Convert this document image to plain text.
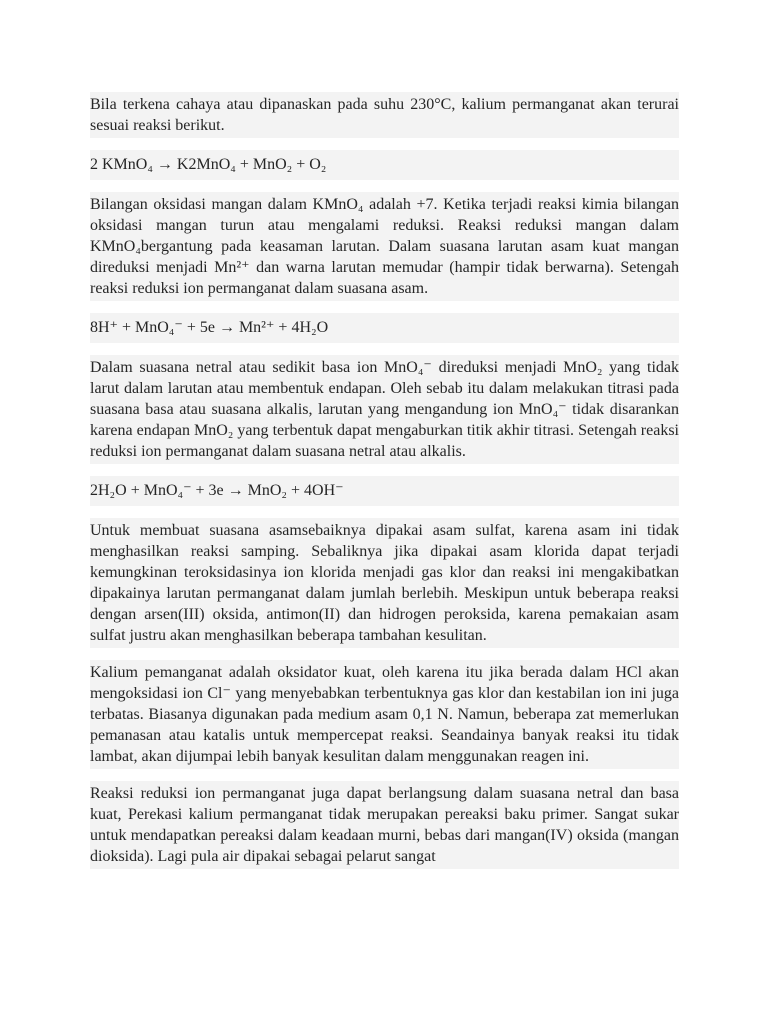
Bila terkena cahaya atau dipanaskan pada suhu 230°C, kalium permanganat akan terurai sesuai reaksi berikut.

2 KMnO₄ → K2MnO₄ + MnO₂ + O₂

Bilangan oksidasi mangan dalam KMnO₄ adalah +7. Ketika terjadi reaksi kimia bilangan oksidasi mangan turun atau mengalami reduksi. Reaksi reduksi mangan dalam KMnO₄bergantung pada keasaman larutan. Dalam suasana larutan asam kuat mangan direduksi menjadi Mn²⁺ dan warna larutan memudar (hampir tidak berwarna). Setengah reaksi reduksi ion permanganat dalam suasana asam.

8H⁺ + MnO₄⁻ + 5e → Mn²⁺ + 4H₂O

Dalam suasana netral atau sedikit basa ion MnO₄⁻ direduksi menjadi MnO₂ yang tidak larut dalam larutan atau membentuk endapan. Oleh sebab itu dalam melakukan titrasi pada suasana basa atau suasana alkalis, larutan yang mengandung ion MnO₄⁻ tidak disarankan karena endapan MnO₂ yang terbentuk dapat mengaburkan titik akhir titrasi. Setengah reaksi reduksi ion permanganat dalam suasana netral atau alkalis.

2H₂O + MnO₄⁻ + 3e → MnO₂ + 4OH⁻

Untuk membuat suasana asamsebaiknya dipakai asam sulfat, karena asam ini tidak menghasilkan reaksi samping. Sebaliknya jika dipakai asam klorida dapat terjadi kemungkinan teroksidasinya ion klorida menjadi gas klor dan reaksi ini mengakibatkan dipakainya larutan permanganat dalam jumlah berlebih. Meskipun untuk beberapa reaksi dengan arsen(III) oksida, antimon(II) dan hidrogen peroksida, karena pemakaian asam sulfat justru akan menghasilkan beberapa tambahan kesulitan.

Kalium pemanganat adalah oksidator kuat, oleh karena itu jika berada dalam HCl akan mengoksidasi ion Cl⁻ yang menyebabkan terbentuknya gas klor dan kestabilan ion ini juga terbatas. Biasanya digunakan pada medium asam 0,1 N. Namun, beberapa zat memerlukan pemanasan atau katalis untuk mempercepat reaksi. Seandainya banyak reaksi itu tidak lambat, akan dijumpai lebih banyak kesulitan dalam menggunakan reagen ini.

Reaksi reduksi ion permanganat juga dapat berlangsung dalam suasana netral dan basa kuat, Perekasi kalium permanganat tidak merupakan pereaksi baku primer. Sangat sukar untuk mendapatkan pereaksi dalam keadaan murni, bebas dari mangan(IV) oksida (mangan dioksida). Lagi pula air dipakai sebagai pelarut sangat
